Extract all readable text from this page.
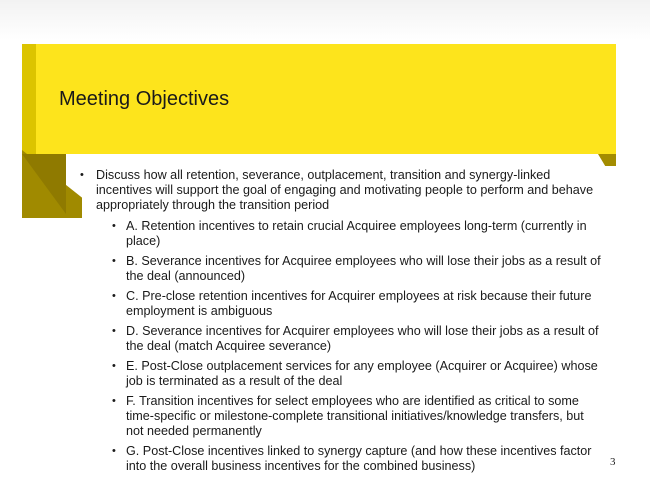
Meeting Objectives
• Discuss how all retention, severance, outplacement, transition and synergy-linked incentives will support the goal of engaging and motivating people to perform and behave appropriately through the transition period
• A. Retention incentives to retain crucial Acquiree employees long-term (currently in place)
• B. Severance incentives for Acquiree employees who will lose their jobs as a result of the deal (announced)
• C. Pre-close retention incentives for Acquirer employees at risk because their future employment is ambiguous
• D. Severance incentives for Acquirer employees who will lose their jobs as a result of the deal (match Acquiree severance)
• E. Post-Close outplacement services for any employee (Acquirer or Acquiree) whose job is terminated as a result of the deal
• F. Transition incentives for select employees who are identified as critical to some time-specific or milestone-complete transitional initiatives/knowledge transfers, but not needed permanently
• G. Post-Close incentives linked to synergy capture (and how these incentives factor into the overall business incentives for the combined business)	3
